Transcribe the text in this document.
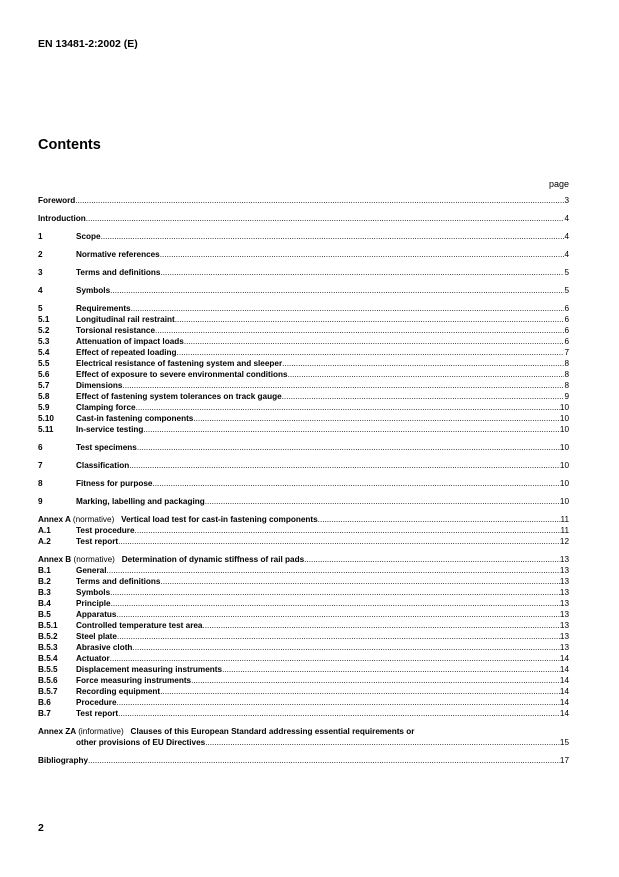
EN 13481-2:2002 (E)
Contents
page
Foreword .....	3
Introduction .....	4
1	Scope .....	4
2	Normative references .....	4
3	Terms and definitions .....	5
4	Symbols .....	5
5	Requirements .....	6
5.1	Longitudinal rail restraint .....	6
5.2	Torsional resistance .....	6
5.3	Attenuation of impact loads .....	6
5.4	Effect of repeated loading .....	7
5.5	Electrical resistance of fastening system and sleeper .....	8
5.6	Effect of exposure to severe environmental conditions .....	8
5.7	Dimensions .....	8
5.8	Effect of fastening system tolerances on track gauge .....	9
5.9	Clamping force .....	10
5.10	Cast-in fastening components .....	10
5.11	In-service testing .....	10
6	Test specimens .....	10
7	Classification .....	10
8	Fitness for purpose .....	10
9	Marking, labelling and packaging .....	10
Annex A (normative) Vertical load test for cast-in fastening components .....	11
A.1	Test procedure .....	11
A.2	Test report .....	12
Annex B (normative) Determination of dynamic stiffness of rail pads .....	13
B.1	General .....	13
B.2	Terms and definitions .....	13
B.3	Symbols .....	13
B.4	Principle .....	13
B.5	Apparatus .....	13
B.5.1	Controlled temperature test area .....	13
B.5.2	Steel plate .....	13
B.5.3	Abrasive cloth .....	13
B.5.4	Actuator .....	14
B.5.5	Displacement measuring instruments .....	14
B.5.6	Force measuring instruments .....	14
B.5.7	Recording equipment .....	14
B.6	Procedure .....	14
B.7	Test report .....	14
Annex ZA (informative) Clauses of this European Standard addressing essential requirements or
other provisions of EU Directives .....	15
Bibliography .....	17
2
